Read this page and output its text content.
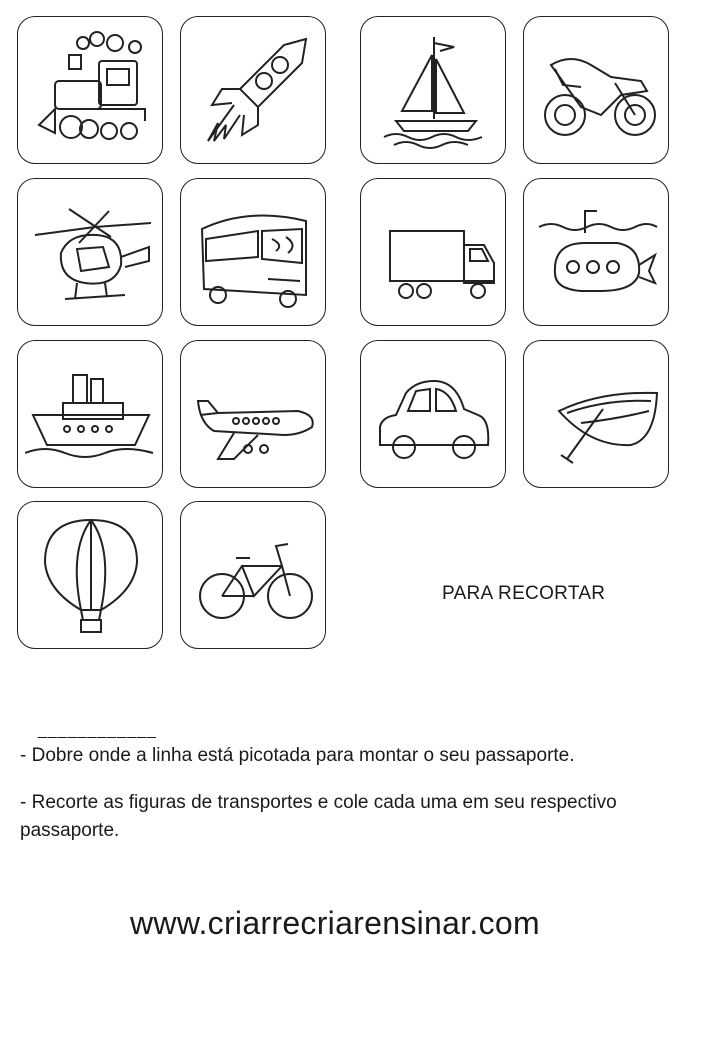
PARA RECORTAR
____________
- Dobre onde a linha está picotada para montar o seu passaporte.
- Recorte as figuras de transportes e cole cada uma em seu respectivo passaporte.
www.criarrecriarensinar.com
